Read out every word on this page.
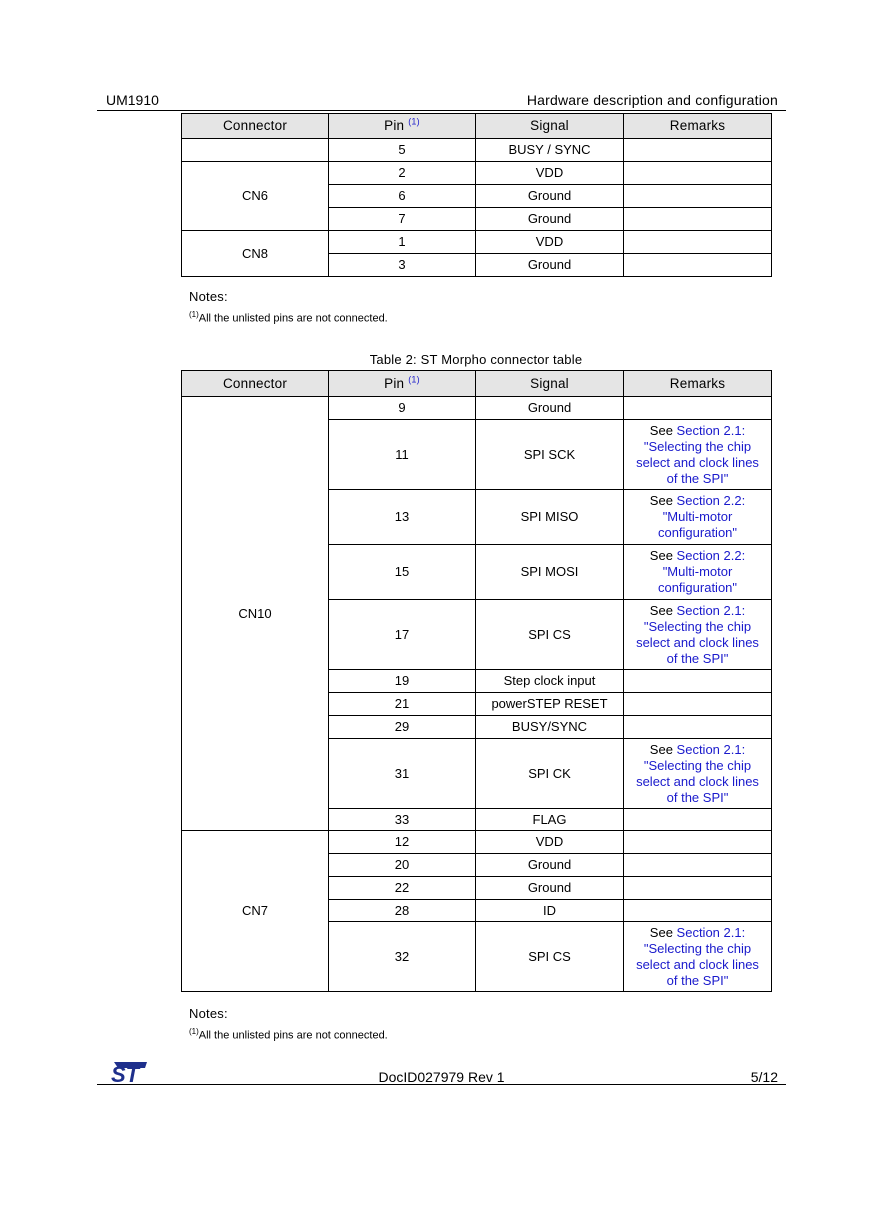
UM1910	Hardware description and configuration
Connector	Pin $^{(1)}$	Signal	Remarks
	5	BUSY / SYNC	
CN6	2	VDD	
	6	Ground	
	7	Ground	
CN8	1	VDD	
	3	Ground	
Notes:
$^{(1)}$All the unlisted pins are not connected.
Table 2: ST Morpho connector table
Connector	Pin $^{(1)}$	Signal	Remarks
CN10	9	Ground	
	11	SPI SCK	See Section 2.1: "Selecting the chip select and clock lines of the SPI"
	13	SPI MISO	See Section 2.2: "Multi-motor configuration"
	15	SPI MOSI	See Section 2.2: "Multi-motor configuration"
	17	SPI CS	See Section 2.1: "Selecting the chip select and clock lines of the SPI"
	19	Step clock input	
	21	powerSTEP RESET	
	29	BUSY/SYNC	
	31	SPI CK	See Section 2.1: "Selecting the chip select and clock lines of the SPI"
	33	FLAG	
CN7	12	VDD	
	20	Ground	
	22	Ground	
	28	ID	
	32	SPI CS	See Section 2.1: "Selecting the chip select and clock lines of the SPI"
Notes:
$^{(1)}$All the unlisted pins are not connected.
ST	DocID027979 Rev 1	5/12
